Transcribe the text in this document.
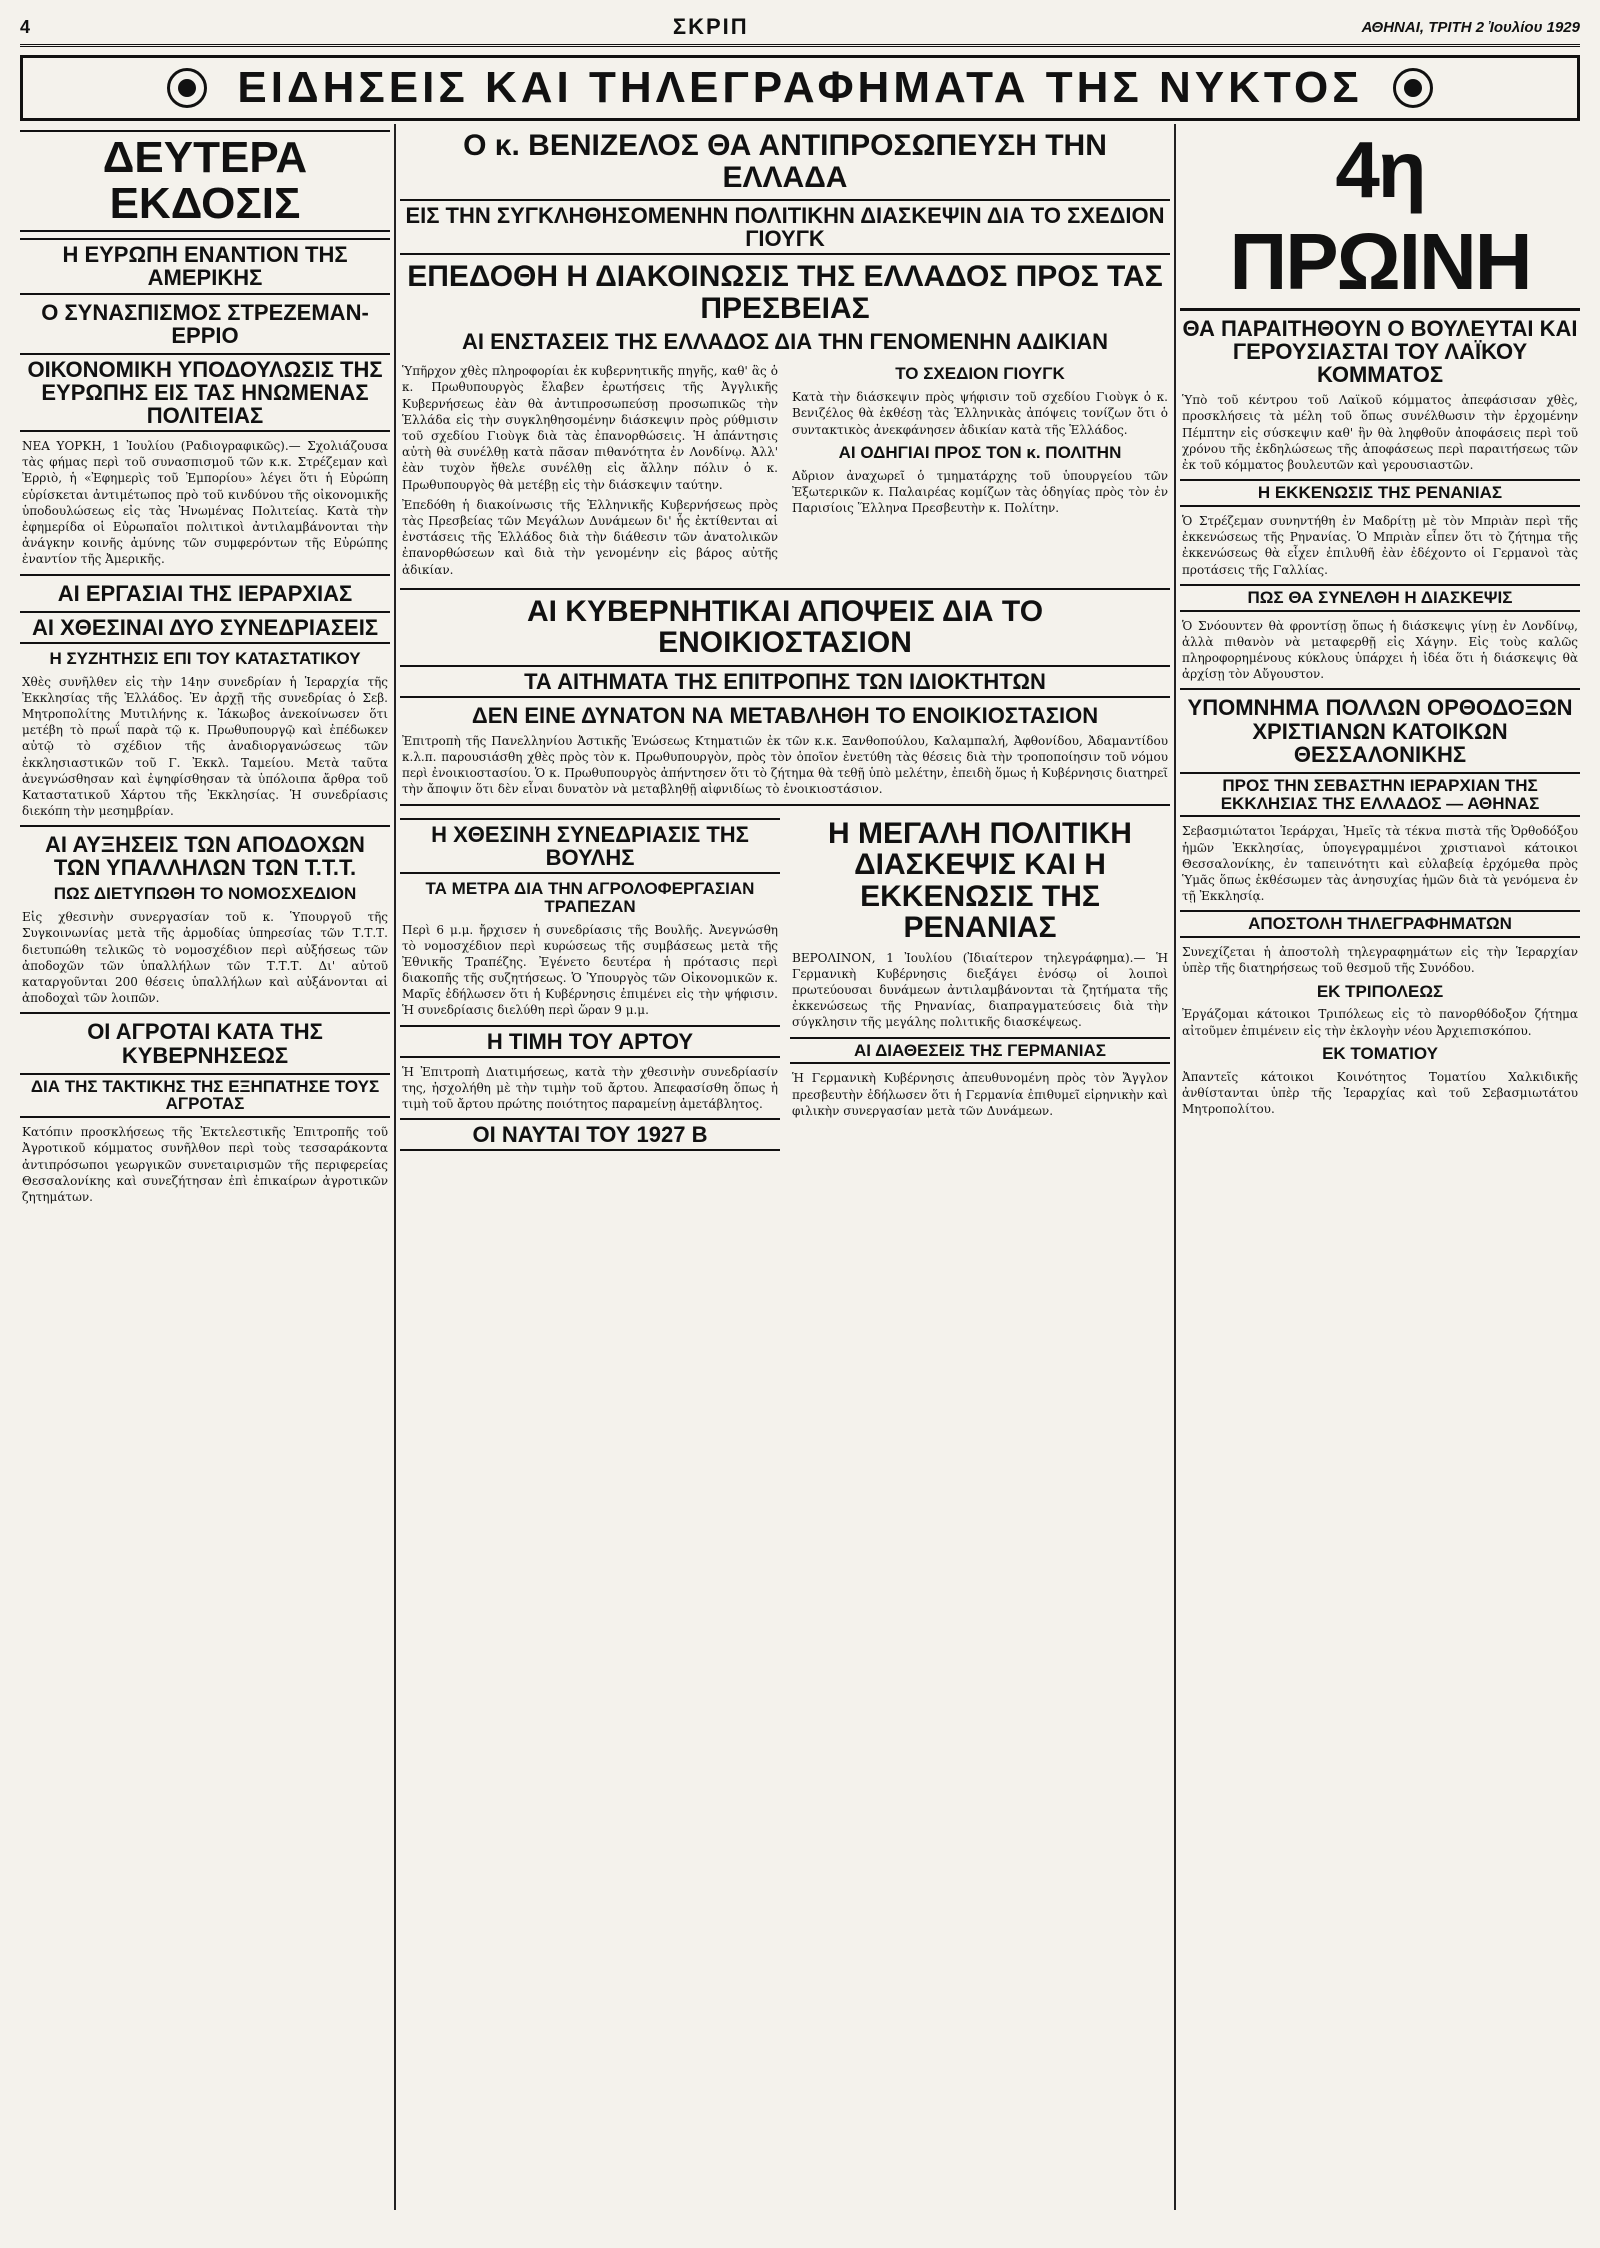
4	ΣΚΡΙΠ	ΑΘΗΝΑΙ, ΤΡΙΤΗ 2 Ἰουλίου 1929
ΕΙΔΗΣΕΙΣ ΚΑΙ ΤΗΛΕΓΡΑΦΗΜΑΤΑ ΤΗΣ ΝΥΚΤΟΣ
ΔΕΥΤΕΡΑ ΕΚΔΟΣΙΣ
Η ΕΥΡΩΠΗ ΕΝΑΝΤΙΟΝ ΤΗΣ ΑΜΕΡΙΚΗΣ
Ο ΣΥΝΑΣΠΙΣΜΟΣ ΣΤΡΕΖΕΜΑΝ-ΕΡΡΙΟ
ΟΙΚΟΝΟΜΙΚΗ ΥΠΟΔΟΥΛΩΣΙΣ ΤΗΣ ΕΥΡΩΠΗΣ ΕΙΣ ΤΑΣ ΗΝΩΜΕΝΑΣ ΠΟΛΙΤΕΙΑΣ
ΝΕΑ ΥΟΡΚΗ, 1 Ἰουλίου (Ραδιογραφικῶς).— Σχολιάζουσα τὰς φήμας περὶ τοῦ συνασπισμοῦ τῶν κ.κ. Στρέζεμαν καὶ Ἐρριὸ, ἡ «Ἐφημερὶς τοῦ Ἐμπορίου» λέγει ὅτι ἡ Εὐρώπη εὑρίσκεται ἀντιμέτωπος πρὸ τοῦ κινδύνου τῆς οἰκονομικῆς ὑποδουλώσεως εἰς τὰς Ἡνωμένας Πολιτείας. Κατὰ τὴν ἐφημερίδα οἱ Εὐρωπαῖοι πολιτικοὶ ἀντιλαμβάνονται τὴν ἀνάγκην κοινῆς ἀμύνης τῶν συμφερόντων τῆς Εὐρώπης ἐναντίον τῆς Ἀμερικῆς.
ΑΙ ΕΡΓΑΣΙΑΙ ΤΗΣ ΙΕΡΑΡΧΙΑΣ
ΑΙ ΧΘΕΣΙΝΑΙ ΔΥΟ ΣΥΝΕΔΡΙΑΣΕΙΣ
Η ΣΥΖΗΤΗΣΙΣ ΕΠΙ ΤΟΥ ΚΑΤΑΣΤΑΤΙΚΟΥ
Χθὲς συνῆλθεν εἰς τὴν 14ην συνεδρίαν ἡ Ἱεραρχία τῆς Ἐκκλησίας τῆς Ἑλλάδος. Ἐν ἀρχῇ τῆς συνεδρίας ὁ Σεβ. Μητροπολίτης Μυτιλήνης κ. Ἰάκωβος ἀνεκοίνωσεν ὅτι μετέβη τὸ πρωΐ παρὰ τῷ κ. Πρωθυπουργῷ καὶ ἐπέδωκεν αὐτῷ τὸ σχέδιον τῆς ἀναδιοργανώσεως τῶν ἐκκλησιαστικῶν τοῦ Γ. Ἐκκλ. Ταμείου. Μετὰ ταῦτα ἀνεγνώσθησαν καὶ ἐψηφίσθησαν τὰ ὑπόλοιπα ἄρθρα τοῦ Καταστατικοῦ Χάρτου τῆς Ἐκκλησίας. Ἡ συνεδρίασις διεκόπη τὴν μεσημβρίαν.
ΑΙ ΑΥΞΗΣΕΙΣ ΤΩΝ ΑΠΟΔΟΧΩΝ ΤΩΝ ΥΠΑΛΛΗΛΩΝ ΤΩΝ Τ.Τ.Τ.
ΠΩΣ ΔΙΕΤΥΠΩΘΗ ΤΟ ΝΟΜΟΣΧΕΔΙΟΝ
Εἰς χθεσινὴν συνεργασίαν τοῦ κ. Ὑπουργοῦ τῆς Συγκοινωνίας μετὰ τῆς ἀρμοδίας ὑπηρεσίας τῶν Τ.Τ.Τ. διετυπώθη τελικῶς τὸ νομοσχέδιον περὶ αὐξήσεως τῶν ἀποδοχῶν τῶν ὑπαλλήλων τῶν Τ.Τ.Τ. Δι' αὐτοῦ καταργοῦνται 200 θέσεις ὑπαλλήλων καὶ αὐξάνονται αἱ ἀποδοχαὶ τῶν λοιπῶν.
ΟΙ ΑΓΡΟΤΑΙ ΚΑΤΑ ΤΗΣ ΚΥΒΕΡΝΗΣΕΩΣ
ΔΙΑ ΤΗΣ ΤΑΚΤΙΚΗΣ ΤΗΣ ΕΞΗΠΑΤΗΣΕ ΤΟΥΣ ΑΓΡΟΤΑΣ
Κατόπιν προσκλήσεως τῆς Ἐκτελεστικῆς Ἐπιτροπῆς τοῦ Ἀγροτικοῦ κόμματος συνῆλθον περὶ τοὺς τεσσαράκοντα ἀντιπρόσωποι γεωργικῶν συνεταιρισμῶν τῆς περιφερείας Θεσσαλονίκης καὶ συνεζήτησαν ἐπὶ ἐπικαίρων ἀγροτικῶν ζητημάτων.
Ο κ. ΒΕΝΙΖΕΛΟΣ ΘΑ ΑΝΤΙΠΡΟΣΩΠΕΥΣΗ ΤΗΝ ΕΛΛΑΔΑ
ΕΙΣ ΤΗΝ ΣΥΓΚΛΗΘΗΣΟΜΕΝΗΝ ΠΟΛΙΤΙΚΗΝ ΔΙΑΣΚΕΨΙΝ ΔΙΑ ΤΟ ΣΧΕΔΙΟΝ ΓΙΟΥΓΚ
ΕΠΕΔΟΘΗ Η ΔΙΑΚΟΙΝΩΣΙΣ ΤΗΣ ΕΛΛΑΔΟΣ ΠΡΟΣ ΤΑΣ ΠΡΕΣΒΕΙΑΣ
ΑΙ ΕΝΣΤΑΣΕΙΣ ΤΗΣ ΕΛΛΑΔΟΣ ΔΙΑ ΤΗΝ ΓΕΝΟΜΕΝΗΝ ΑΔΙΚΙΑΝ
Ὑπῆρχον χθὲς πληροφορίαι ἐκ κυβερνητικῆς πηγῆς, καθ' ἃς ὁ κ. Πρωθυπουργὸς ἔλαβεν ἐρωτήσεις τῆς Ἀγγλικῆς Κυβερνήσεως ἐὰν θὰ ἀντιπροσωπεύσῃ προσωπικῶς τὴν Ἑλλάδα εἰς τὴν συγκληθησομένην διάσκεψιν πρὸς ρύθμισιν τοῦ σχεδίου Γιοὺγκ διὰ τὰς ἐπανορθώσεις. Ἡ ἀπάντησις αὐτὴ θὰ συνέλθῃ κατὰ πᾶσαν πιθανότητα ἐν Λονδίνῳ. Ἀλλ' ἐὰν τυχὸν ἤθελε συνέλθῃ εἰς ἄλλην πόλιν ὁ κ. Πρωθυπουργὸς θὰ μετέβῃ εἰς τὴν διάσκεψιν ταύτην.
Ἐπεδόθη ἡ διακοίνωσις τῆς Ἑλληνικῆς Κυβερνήσεως πρὸς τὰς Πρεσβείας τῶν Μεγάλων Δυνάμεων δι' ἧς ἐκτίθενται αἱ ἐνστάσεις τῆς Ἑλλάδος διὰ τὴν διάθεσιν τῶν ἀνατολικῶν ἐπανορθώσεων καὶ διὰ τὴν γενομένην εἰς βάρος αὐτῆς ἀδικίαν.
ΤΟ ΣΧΕΔΙΟΝ ΓΙΟΥΓΚ
Κατὰ τὴν διάσκεψιν πρὸς ψήφισιν τοῦ σχεδίου Γιοὺγκ ὁ κ. Βενιζέλος θὰ ἐκθέσῃ τὰς Ἑλληνικὰς ἀπόψεις τονίζων ὅτι ὁ συντακτικὸς ἀνεκφάνησεν ἀδικίαν κατὰ τῆς Ἑλλάδος.
ΑΙ ΟΔΗΓΙΑΙ ΠΡΟΣ ΤΟΝ κ. ΠΟΛΙΤΗΝ
Αὔριον ἀναχωρεῖ ὁ τμηματάρχης τοῦ ὑπουργείου τῶν Ἐξωτερικῶν κ. Παλαιρέας κομίζων τὰς ὁδηγίας πρὸς τὸν ἐν Παρισίοις Ἕλληνα Πρεσβευτὴν κ. Πολίτην.
ΑΙ ΚΥΒΕΡΝΗΤΙΚΑΙ ΑΠΟΨΕΙΣ ΔΙΑ ΤΟ ΕΝΟΙΚΙΟΣΤΑΣΙΟΝ
ΤΑ ΑΙΤΗΜΑΤΑ ΤΗΣ ΕΠΙΤΡΟΠΗΣ ΤΩΝ ΙΔΙΟΚΤΗΤΩΝ
ΔΕΝ ΕΙΝΕ ΔΥΝΑΤΟΝ ΝΑ ΜΕΤΑΒΛΗΘΗ ΤΟ ΕΝΟΙΚΙΟΣΤΑΣΙΟΝ
Ἐπιτροπὴ τῆς Πανελληνίου Ἀστικῆς Ἑνώσεως Κτηματιῶν ἐκ τῶν κ.κ. Ξανθοπούλου, Καλαμπαλή, Ἀφθονίδου, Ἀδαμαντίδου κ.λ.π. παρουσιάσθη χθὲς πρὸς τὸν κ. Πρωθυπουργὸν, πρὸς τὸν ὁποῖον ἐνετύθη τὰς θέσεις διὰ τὴν τροποποίησιν τοῦ νόμου περὶ ἐνοικιοστασίου. Ὁ κ. Πρωθυπουργὸς ἀπήντησεν ὅτι τὸ ζήτημα θὰ τεθῇ ὑπὸ μελέτην, ἐπειδὴ ὅμως ἡ Κυβέρνησις διατηρεῖ τὴν ἄποψιν ὅτι δὲν εἶναι δυνατὸν νὰ μεταβληθῇ αἰφνιδίως τὸ ἐνοικιοστάσιον.
Η ΧΘΕΣΙΝΗ ΣΥΝΕΔΡΙΑΣΙΣ ΤΗΣ ΒΟΥΛΗΣ
ΤΑ ΜΕΤΡΑ ΔΙΑ ΤΗΝ ΑΓΡΟΛΟΦΕΡΓΑΣΙΑΝ ΤΡΑΠΕΖΑΝ
Περὶ 6 μ.μ. ἤρχισεν ἡ συνεδρίασις τῆς Βουλῆς. Ἀνεγνώσθη τὸ νομοσχέδιον περὶ κυρώσεως τῆς συμβάσεως μετὰ τῆς Ἐθνικῆς Τραπέζης. Ἐγένετο δευτέρα ἡ πρότασις περὶ διακοπῆς τῆς συζητήσεως. Ὁ Ὑπουργὸς τῶν Οἰκονομικῶν κ. Μαρῖς ἐδήλωσεν ὅτι ἡ Κυβέρνησις ἐπιμένει εἰς τὴν ψήφισιν. Ἡ συνεδρίασις διελύθη περὶ ὥραν 9 μ.μ.
Η ΤΙΜΗ ΤΟΥ ΑΡΤΟΥ
Ἡ Ἐπιτροπὴ Διατιμήσεως, κατὰ τὴν χθεσινὴν συνεδρίασίν της, ἠσχολήθη μὲ τὴν τιμὴν τοῦ ἄρτου. Ἀπεφασίσθη ὅπως ἡ τιμὴ τοῦ ἄρτου πρώτης ποιότητος παραμείνῃ ἀμετάβλητος.
ΟΙ ΝΑΥΤΑΙ ΤΟΥ 1927 Β
Η ΜΕΓΑΛΗ ΠΟΛΙΤΙΚΗ ΔΙΑΣΚΕΨΙΣ ΚΑΙ Η ΕΚΚΕΝΩΣΙΣ ΤΗΣ ΡΕΝΑΝΙΑΣ
ΒΕΡΟΛΙΝΟΝ, 1 Ἰουλίου (Ἰδιαίτερον τηλεγράφημα).— Ἡ Γερμανικὴ Κυβέρνησις διεξάγει ἐνόσῳ οἱ λοιποὶ πρωτεύουσαι δυνάμεων ἀντιλαμβάνονται τὰ ζητήματα τῆς ἐκκενώσεως τῆς Ρηνανίας, διαπραγματεύσεις διὰ τὴν σύγκλησιν τῆς μεγάλης πολιτικῆς διασκέψεως.
ΑΙ ΔΙΑΘΕΣΕΙΣ ΤΗΣ ΓΕΡΜΑΝΙΑΣ
Ἡ Γερμανικὴ Κυβέρνησις ἀπευθυνομένη πρὸς τὸν Ἄγγλον πρεσβευτὴν ἐδήλωσεν ὅτι ἡ Γερμανία ἐπιθυμεῖ εἰρηνικὴν καὶ φιλικὴν συνεργασίαν μετὰ τῶν Δυνάμεων.
4η ΠΡΩΙΝΗ
ΘΑ ΠΑΡΑΙΤΗΘΟΥΝ Ο ΒΟΥΛΕΥΤΑΙ ΚΑΙ ΓΕΡΟΥΣΙΑΣΤΑΙ ΤΟΥ ΛΑΪΚΟΥ ΚΟΜΜΑΤΟΣ
Ὑπὸ τοῦ κέντρου τοῦ Λαϊκοῦ κόμματος ἀπεφάσισαν χθὲς, προσκλήσεις τὰ μέλη τοῦ ὅπως συνέλθωσιν τὴν ἐρχομένην Πέμπτην εἰς σύσκεψιν καθ' ἣν θὰ ληφθοῦν ἀποφάσεις περὶ τοῦ χρόνου τῆς ἐκδηλώσεως τῆς ἀποφάσεως περὶ παραιτήσεως τῶν ἐκ τοῦ κόμματος βουλευτῶν καὶ γερουσιαστῶν.
Η ΕΚΚΕΝΩΣΙΣ ΤΗΣ ΡΕΝΑΝΙΑΣ
Ὁ Στρέζεμαν συνηντήθη ἐν Μαδρίτῃ μὲ τὸν Μπριὰν περὶ τῆς ἐκκενώσεως τῆς Ρηνανίας. Ὁ Μπριὰν εἶπεν ὅτι τὸ ζήτημα τῆς ἐκκενώσεως θὰ εἶχεν ἐπιλυθῆ ἐὰν ἐδέχοντο οἱ Γερμανοὶ τὰς προτάσεις τῆς Γαλλίας.
ΠΩΣ ΘΑ ΣΥΝΕΛΘΗ Η ΔΙΑΣΚΕΨΙΣ
Ὁ Σνόουντεν θὰ φροντίσῃ ὅπως ἡ διάσκεψις γίνῃ ἐν Λονδίνῳ, ἀλλὰ πιθανὸν νὰ μεταφερθῇ εἰς Χάγην. Εἰς τοὺς καλῶς πληροφορημένους κύκλους ὑπάρχει ἡ ἰδέα ὅτι ἡ διάσκεψις θὰ ἀρχίσῃ τὸν Αὔγουστον.
ΥΠΟΜΝΗΜΑ ΠΟΛΛΩΝ ΟΡΘΟΔΟΞΩΝ ΧΡΙΣΤΙΑΝΩΝ ΚΑΤΟΙΚΩΝ ΘΕΣΣΑΛΟΝΙΚΗΣ
ΠΡΟΣ ΤΗΝ ΣΕΒΑΣΤΗΝ ΙΕΡΑΡΧΙΑΝ ΤΗΣ ΕΚΚΛΗΣΙΑΣ ΤΗΣ ΕΛΛΑΔΟΣ — ΑΘΗΝΑΣ
Σεβασμιώτατοι Ἱεράρχαι, Ἡμεῖς τὰ τέκνα πιστὰ τῆς Ὀρθοδόξου ἡμῶν Ἐκκλησίας, ὑπογεγραμμένοι χριστιανοὶ κάτοικοι Θεσσαλονίκης, ἐν ταπεινότητι καὶ εὐλαβείᾳ ἐρχόμεθα πρὸς Ὑμᾶς ὅπως ἐκθέσωμεν τὰς ἀνησυχίας ἡμῶν διὰ τὰ γενόμενα ἐν τῇ Ἐκκλησίᾳ.
ΑΠΟΣΤΟΛΗ ΤΗΛΕΓΡΑΦΗΜΑΤΩΝ
Συνεχίζεται ἡ ἀποστολὴ τηλεγραφημάτων εἰς τὴν Ἱεραρχίαν ὑπὲρ τῆς διατηρήσεως τοῦ θεσμοῦ τῆς Συνόδου.
ΕΚ ΤΡΙΠΟΛΕΩΣ
Ἐργάζομαι κάτοικοι Τριπόλεως εἰς τὸ πανορθόδοξον ζήτημα αἰτοῦμεν ἐπιμένειν εἰς τὴν ἐκλογὴν νέου Ἀρχιεπισκόπου.
ΕΚ ΤΟΜΑΤΙΟΥ
Ἀπαντεῖς κάτοικοι Κοινότητος Τοματίου Χαλκιδικῆς ἀνθίστανται ὑπὲρ τῆς Ἱεραρχίας καὶ τοῦ Σεβασμιωτάτου Μητροπολίτου.
